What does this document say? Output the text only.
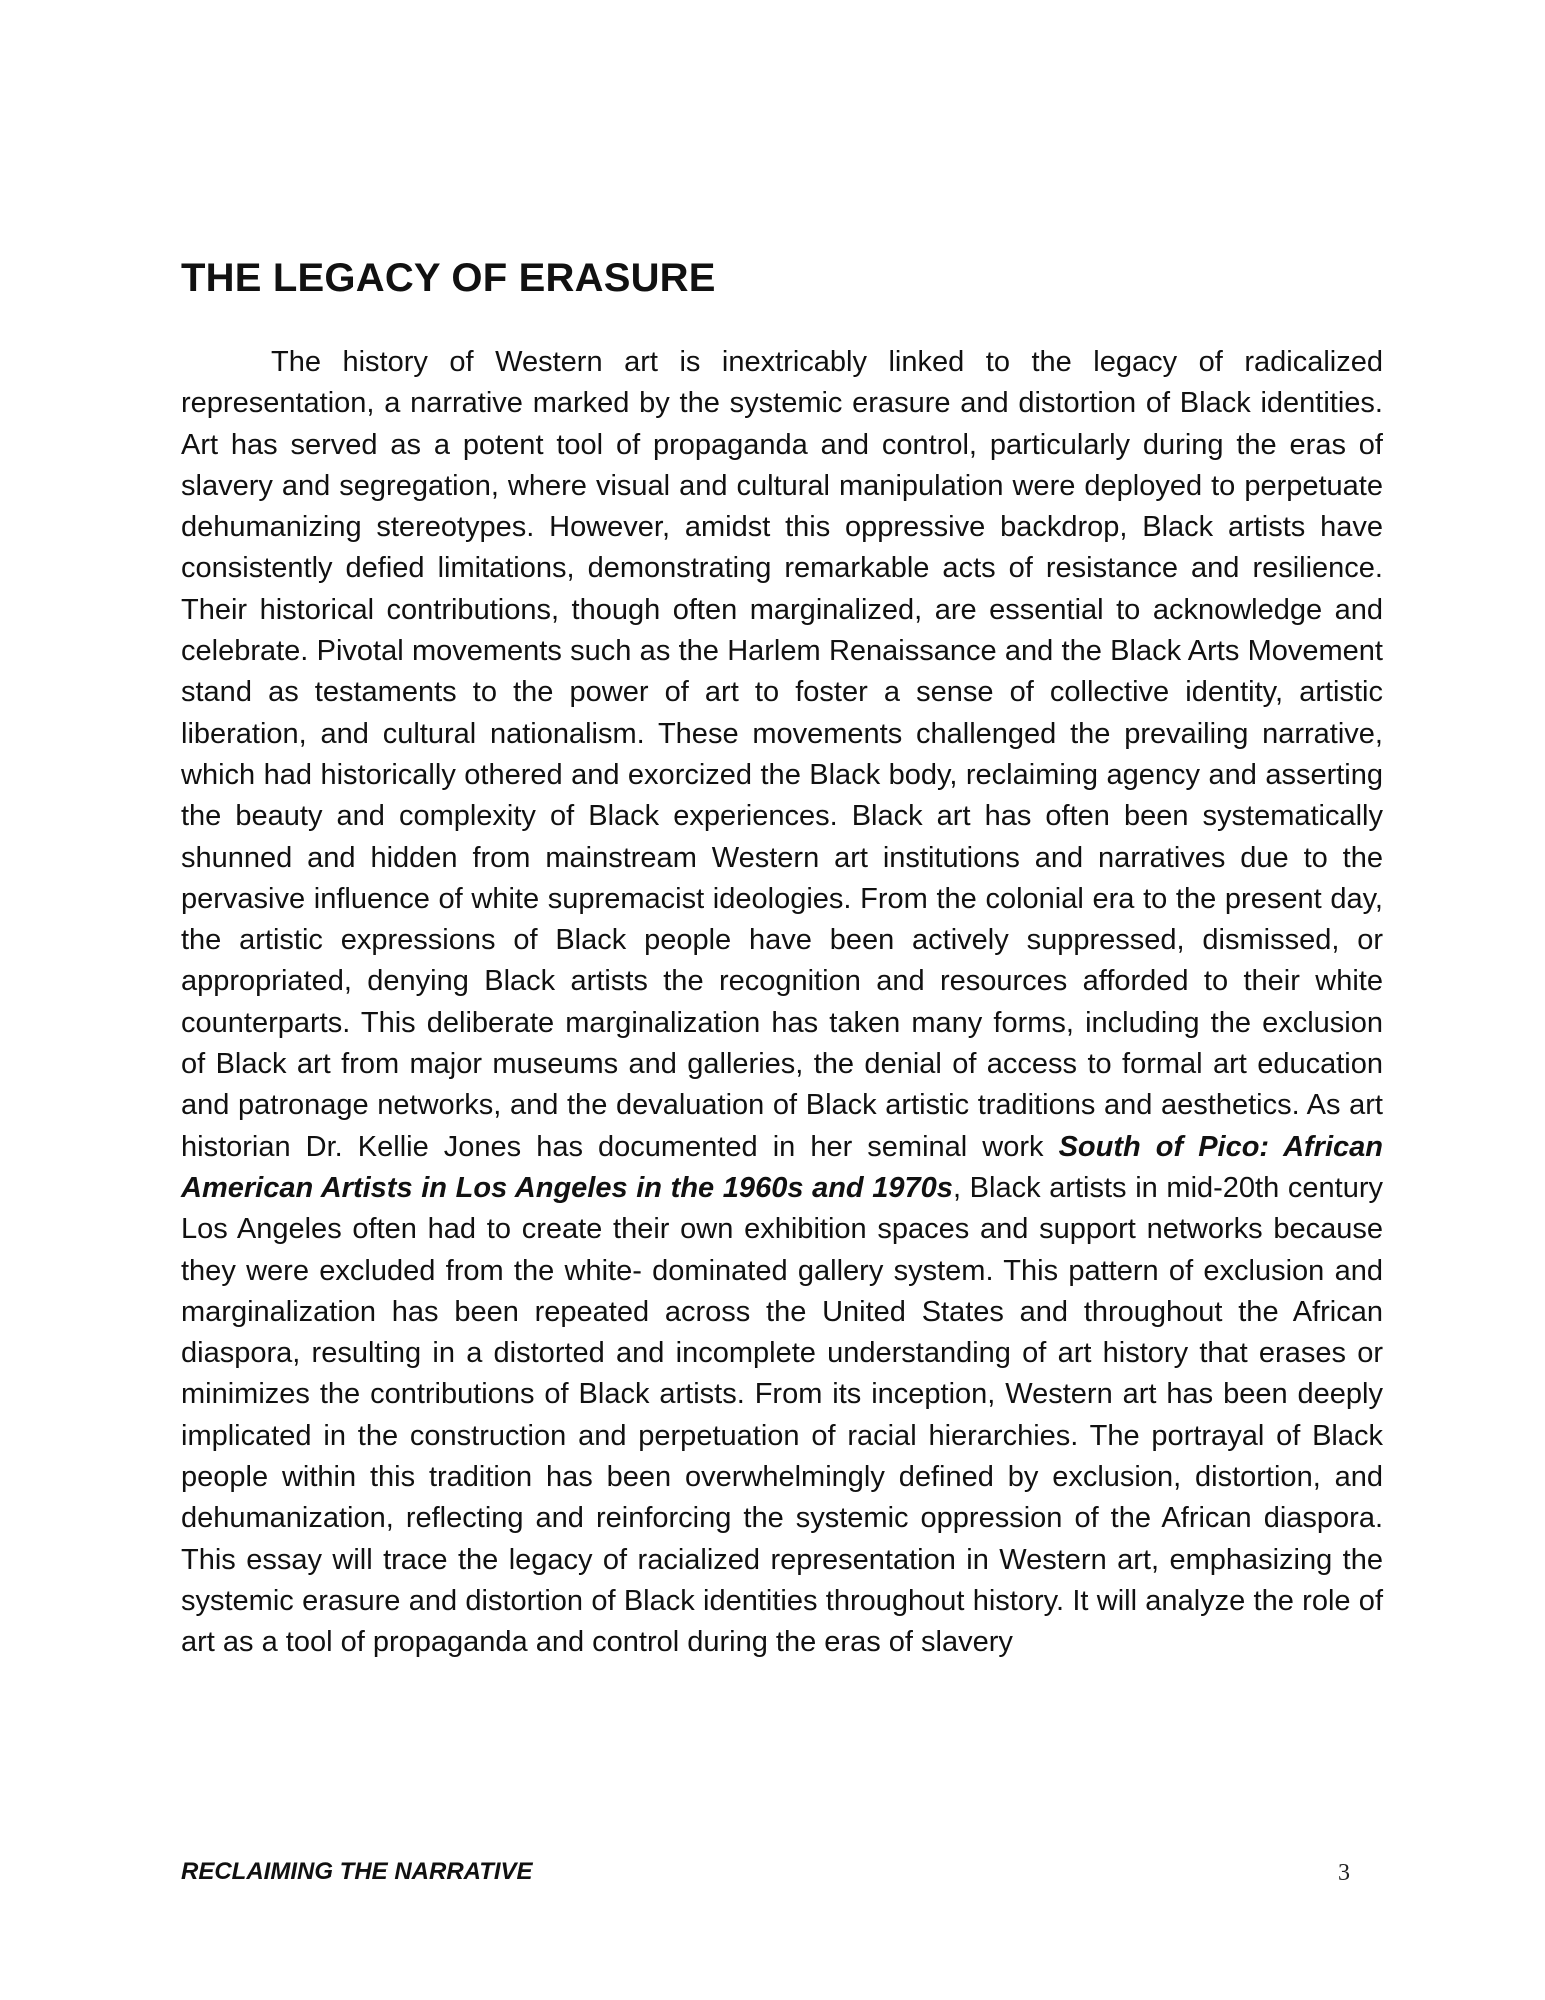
THE LEGACY OF ERASURE

The history of Western art is inextricably linked to the legacy of radicalized representation, a narrative marked by the systemic erasure and distortion of Black identities. Art has served as a potent tool of propaganda and control, particularly during the eras of slavery and segregation, where visual and cultural manipulation were deployed to perpetuate dehumanizing stereotypes. However, amidst this oppressive backdrop, Black artists have consistently defied limitations, demonstrating remarkable acts of resistance and resilience. Their historical contributions, though often marginalized, are essential to acknowledge and celebrate. Pivotal movements such as the Harlem Renaissance and the Black Arts Movement stand as testaments to the power of art to foster a sense of collective identity, artistic liberation, and cultural nationalism. These movements challenged the prevailing narrative, which had historically othered and exorcized the Black body, reclaiming agency and asserting the beauty and complexity of Black experiences. Black art has often been systematically shunned and hidden from mainstream Western art institutions and narratives due to the pervasive influence of white supremacist ideologies. From the colonial era to the present day, the artistic expressions of Black people have been actively suppressed, dismissed, or appropriated, denying Black artists the recognition and resources afforded to their white counterparts. This deliberate marginalization has taken many forms, including the exclusion of Black art from major museums and galleries, the denial of access to formal art education and patronage networks, and the devaluation of Black artistic traditions and aesthetics. As art historian Dr. Kellie Jones has documented in her seminal work South of Pico: African American Artists in Los Angeles in the 1960s and 1970s, Black artists in mid-20th century Los Angeles often had to create their own exhibition spaces and support networks because they were excluded from the white- dominated gallery system. This pattern of exclusion and marginalization has been repeated across the United States and throughout the African diaspora, resulting in a distorted and incomplete understanding of art history that erases or minimizes the contributions of Black artists. From its inception, Western art has been deeply implicated in the construction and perpetuation of racial hierarchies. The portrayal of Black people within this tradition has been overwhelmingly defined by exclusion, distortion, and dehumanization, reflecting and reinforcing the systemic oppression of the African diaspora. This essay will trace the legacy of racialized representation in Western art, emphasizing the systemic erasure and distortion of Black identities throughout history. It will analyze the role of art as a tool of propaganda and control during the eras of slavery

RECLAIMING THE NARRATIVE	3
